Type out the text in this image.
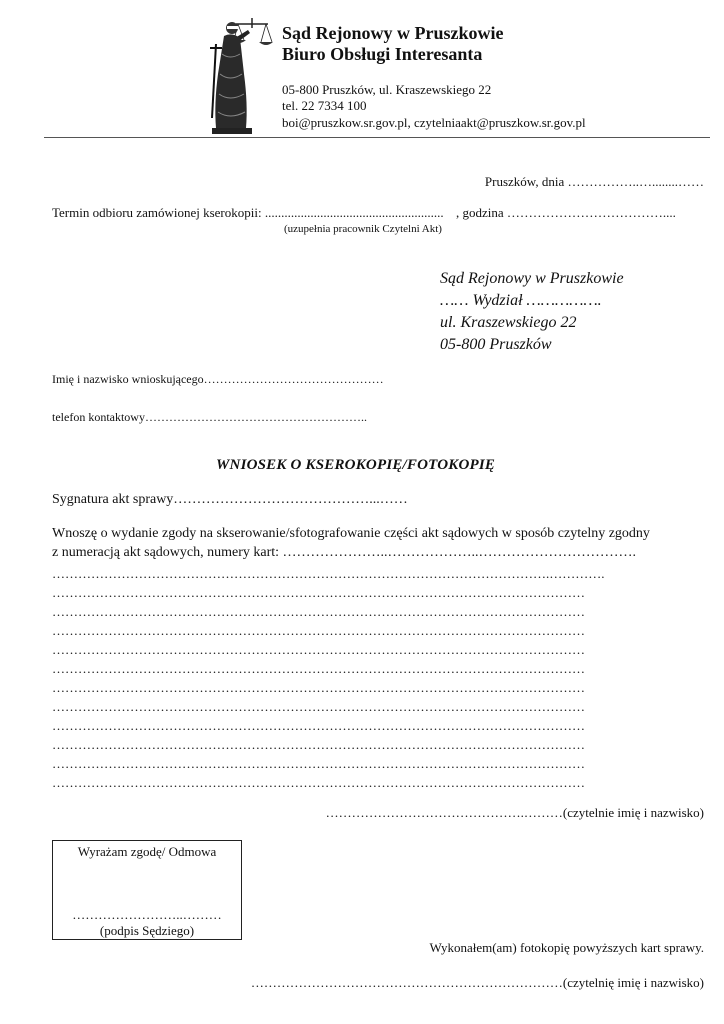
Sąd Rejonowy w Pruszkowie
Biuro Obsługi Interesanta
05-800 Pruszków, ul. Kraszewskiego 22
tel. 22 7334 100
boi@pruszkow.sr.gov.pl, czytelniaakt@pruszkow.sr.gov.pl
Pruszków, dnia ……………..…........……
Termin odbioru zamówionej kserokopii: ....................................................... , godzina ………………………………....
(uzupełnia pracownik Czytelni Akt)
Sąd Rejonowy w Pruszkowie
…… Wydział …………….
ul. Kraszewskiego 22
05-800 Pruszków
Imię i nazwisko wnioskującego………………………………………
telefon kontaktowy………………………………………………..
WNIOSEK O KSEROKOPIĘ/FOTOKOPIĘ
Sygnatura akt sprawy……………………………………...……
Wnoszę o wydanie zgody na skserowanie/sfotografowanie części akt sądowych w sposób czytelny zgodny
z numeracją akt sądowych, numery kart: …………………..………………..…………………………….
…………………………………………………………………………………………………….………….
……………………………………………………………………………………………………………
……………………………………………………………………………………………………………
……………………………………………………………………………………………………………
……………………………………………………………………………………………………………
……………………………………………………………………………………………………………
……………………………………………………………………………………………………………
……………………………………………………………………………………………………………
……………………………………………………………………………………………………………
……………………………………………………………………………………………………………
……………………………………………………………………………………………………………
……………………………………………………………………………………………………………
……………………………………….………(czytelnie imię i nazwisko)
Wyrażam zgodę/ Odmowa
……………………..………
(podpis Sędziego)
Wykonałem(am) fotokopię powyższych kart sprawy.
………………………………………………………………(czytelnię imię i nazwisko)
